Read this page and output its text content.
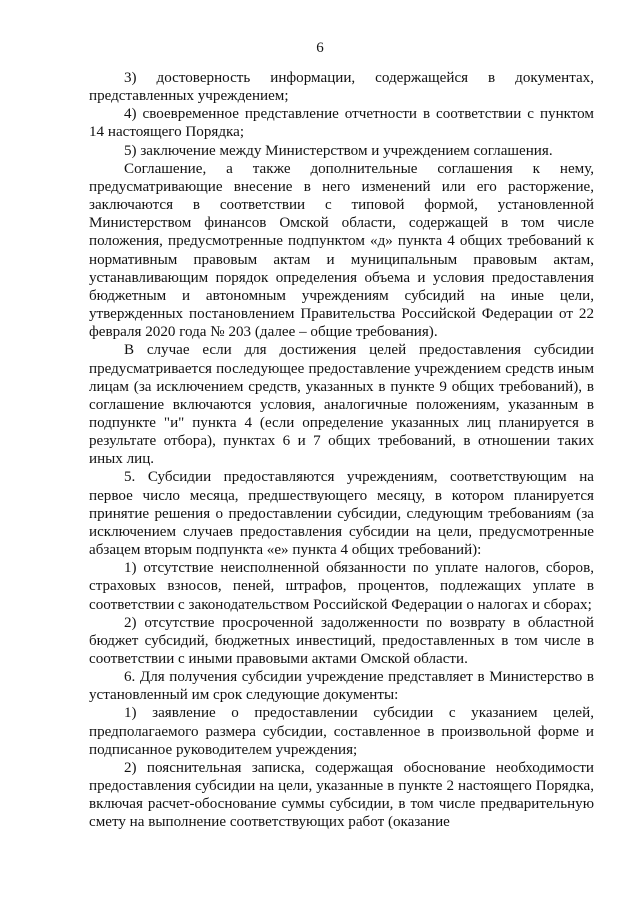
6

3) достоверность информации, содержащейся в документах, представленных учреждением;

4) своевременное представление отчетности в соответствии с пунктом 14 настоящего Порядка;

5) заключение между Министерством и учреждением соглашения.

Соглашение, а также дополнительные соглашения к нему, предусматривающие внесение в него изменений или его расторжение, заключаются в соответствии с типовой формой, установленной Министерством финансов Омской области, содержащей в том числе положения, предусмотренные подпунктом «д» пункта 4 общих требований к нормативным правовым актам и муниципальным правовым актам, устанавливающим порядок определения объема и условия предоставления бюджетным и автономным учреждениям субсидий на иные цели, утвержденных постановлением Правительства Российской Федерации от 22 февраля 2020 года № 203 (далее – общие требования).

В случае если для достижения целей предоставления субсидии предусматривается последующее предоставление учреждением средств иным лицам (за исключением средств, указанных в пункте 9 общих требований), в соглашение включаются условия, аналогичные положениям, указанным в подпункте "и" пункта 4 (если определение указанных лиц планируется в результате отбора), пунктах 6 и 7 общих требований, в отношении таких иных лиц.

5. Субсидии предоставляются учреждениям, соответствующим на первое число месяца, предшествующего месяцу, в котором планируется принятие решения о предоставлении субсидии, следующим требованиям (за исключением случаев предоставления субсидии на цели, предусмотренные абзацем вторым подпункта «е» пункта 4 общих требований):

1) отсутствие неисполненной обязанности по уплате налогов, сборов, страховых взносов, пеней, штрафов, процентов, подлежащих уплате в соответствии с законодательством Российской Федерации о налогах и сборах;

2) отсутствие просроченной задолженности по возврату в областной бюджет субсидий, бюджетных инвестиций, предоставленных в том числе в соответствии с иными правовыми актами Омской области.

6. Для получения субсидии учреждение представляет в Министерство в установленный им срок следующие документы:

1) заявление о предоставлении субсидии с указанием целей, предполагаемого размера субсидии, составленное в произвольной форме и подписанное руководителем учреждения;

2) пояснительная записка, содержащая обоснование необходимости предоставления субсидии на цели, указанные в пункте 2 настоящего Порядка, включая расчет-обоснование суммы субсидии, в том числе предварительную смету на выполнение соответствующих работ (оказание
